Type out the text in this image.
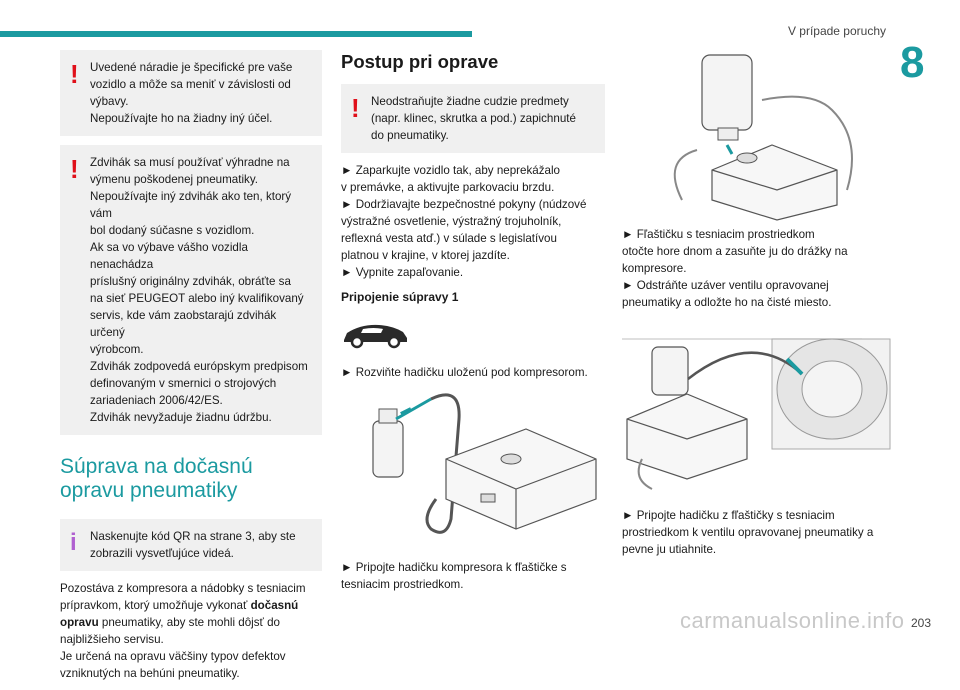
V prípade poruchy
8
! Uvedené náradie je špecifické pre vaše
vozidlo a môže sa meniť v závislosti od
výbavy.
Nepoužívajte ho na žiadny iný účel.

! Zdvihák sa musí používať výhradne na
výmenu poškodenej pneumatiky.
Nepoužívajte iný zdvihák ako ten, ktorý vám
bol dodaný súčasne s vozidlom.
Ak sa vo výbave vášho vozidla nenachádza
príslušný originálny zdvihák, obráťte sa
na sieť PEUGEOT alebo iný kvalifikovaný
servis, kde vám zaobstarajú zdvihák určený
výrobcom.
Zdvihák zodpovedá európskym predpisom
definovaným v smernici o strojových
zariadeniach 2006/42/ES.
Zdvihák nevyžaduje žiadnu údržbu.

Súprava na dočasnú
opravu pneumatiky
i	Naskenujte kód QR na strane 3, aby ste
zobrazili vysvetľujúce videá.

Pozostáva z kompresora a nádobky s tesniacim
prípravkom, ktorý umožňuje vykonať dočasnú
opravu pneumatiky, aby ste mohli dôjsť do
najbližšieho servisu.
Je určená na opravu väčšiny typov defektov
vzniknutých na behúni pneumatiky.

Postup pri oprave
! Neodstraňujte žiadne cudzie predmety
(napr. klinec, skrutka a pod.) zapichnuté
do pneumatiky.

► Zaparkujte vozidlo tak, aby neprekážalo
v premávke, a aktivujte parkovaciu brzdu.
► Dodržiavajte bezpečnostné pokyny (núdzové
výstražné osvetlenie, výstražný trojuholník,
reflexná vesta atď.) v súlade s legislatívou
platnou v krajine, v ktorej jazdíte.
► Vypnite zapaľovanie.

Pripojenie súpravy 1

► Rozviňte hadičku uloženú pod kompresorom.

► Pripojte hadičku kompresora k fľaštičke s
tesniacim prostriedkom.

► Fľaštičku s tesniacim prostriedkom
otočte hore dnom a zasuňte ju do drážky na
kompresore.
► Odstráňte uzáver ventilu opravovanej
pneumatiky a odložte ho na čisté miesto.

► Pripojte hadičku z fľaštičky s tesniacim
prostriedkom k ventilu opravovanej pneumatiky a
pevne ju utiahnite.

carmanualsonline.info 203
